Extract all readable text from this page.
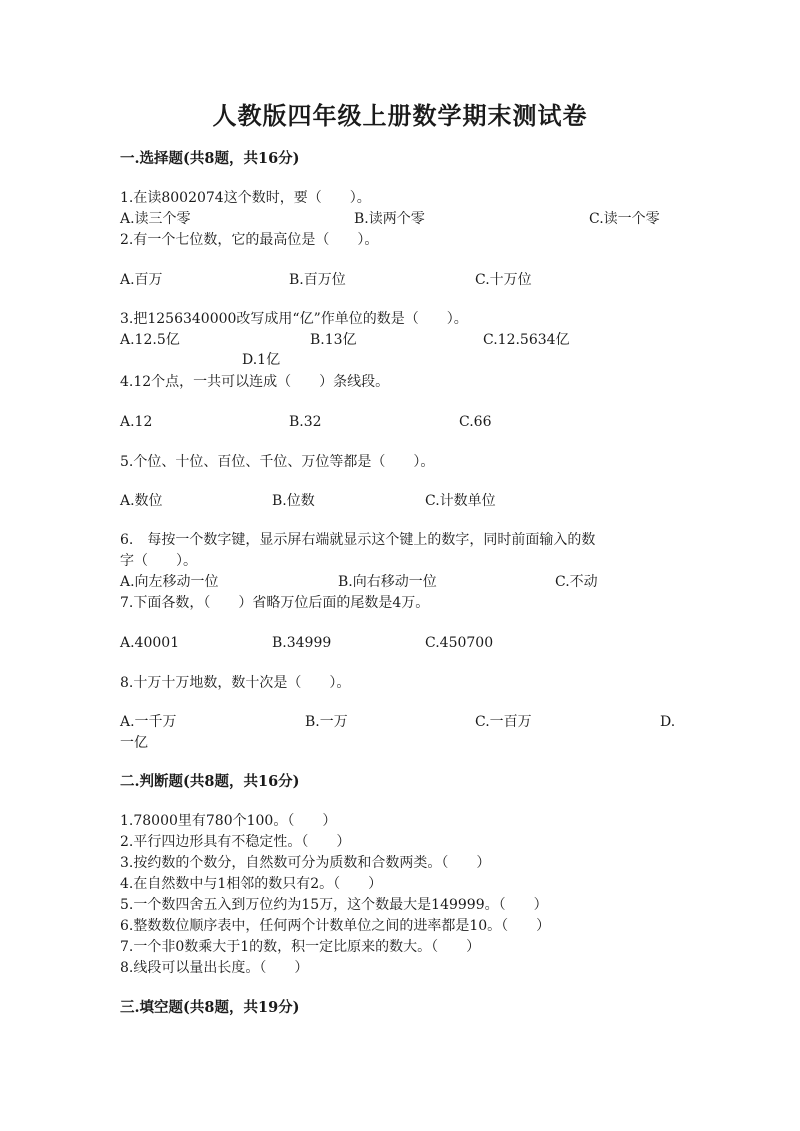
人教版四年级上册数学期末测试卷
一.选择题(共8题，共16分)
1.在读8002074这个数时，要（　　）。
A.读三个零	B.读两个零	C.读一个零
2.有一个七位数，它的最高位是（　　）。
A.百万	B.百万位	C.十万位
3.把1256340000改写成用“亿”作单位的数是（　　）。
A.12.5亿	B.13亿	C.12.5634亿
D.1亿
4.12个点，一共可以连成（　　）条线段。
A.12	B.32	C.66
5.个位、十位、百位、千位、万位等都是（　　）。
A.数位	B.位数	C.计数单位
6.　每按一个数字键，显示屏右端就显示这个键上的数字，同时前面输入的数
字（　　）。
A.向左移动一位	B.向右移动一位	C.不动
7.下面各数，（　　）省略万位后面的尾数是4万。
A.40001	B.34999	C.450700
8.十万十万地数，数十次是（　　）。
A.一千万	B.一万	C.一百万	D.
一亿
二.判断题(共8题，共16分)
1.78000里有780个100。（　　）
2.平行四边形具有不稳定性。（　　）
3.按约数的个数分，自然数可分为质数和合数两类。（　　）
4.在自然数中与1相邻的数只有2。（　　）
5.一个数四舍五入到万位约为15万，这个数最大是149999。（　　）
6.整数数位顺序表中，任何两个计数单位之间的进率都是10。（　　）
7.一个非0数乘大于1的数，积一定比原来的数大。（　　）
8.线段可以量出长度。（　　）
三.填空题(共8题，共19分)
